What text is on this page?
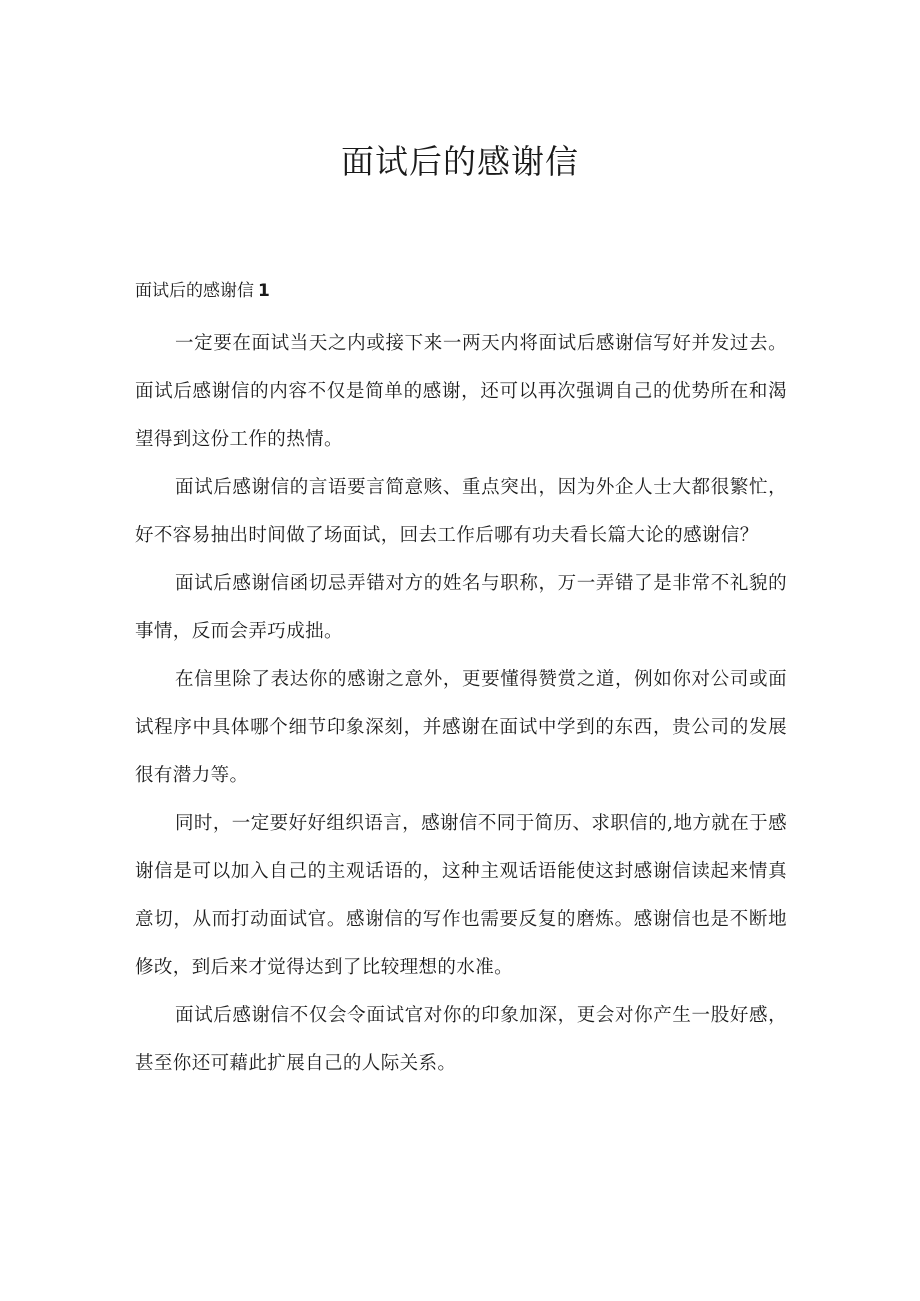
面试后的感谢信

面试后的感谢信 1

一定要在面试当天之内或接下来一两天内将面试后感谢信写好并发过去。面试后感谢信的内容不仅是简单的感谢，还可以再次强调自己的优势所在和渴望得到这份工作的热情。

面试后感谢信的言语要言简意赅、重点突出，因为外企人士大都很繁忙，好不容易抽出时间做了场面试，回去工作后哪有功夫看长篇大论的感谢信？

面试后感谢信函切忌弄错对方的姓名与职称，万一弄错了是非常不礼貌的事情，反而会弄巧成拙。

在信里除了表达你的感谢之意外，更要懂得赞赏之道，例如你对公司或面试程序中具体哪个细节印象深刻，并感谢在面试中学到的东西，贵公司的发展很有潜力等。

同时，一定要好好组织语言，感谢信不同于简历、求职信的,地方就在于感谢信是可以加入自己的主观话语的，这种主观话语能使这封感谢信读起来情真意切，从而打动面试官。感谢信的写作也需要反复的磨炼。感谢信也是不断地修改，到后来才觉得达到了比较理想的水准。

面试后感谢信不仅会令面试官对你的印象加深，更会对你产生一股好感，甚至你还可藉此扩展自己的人际关系。
